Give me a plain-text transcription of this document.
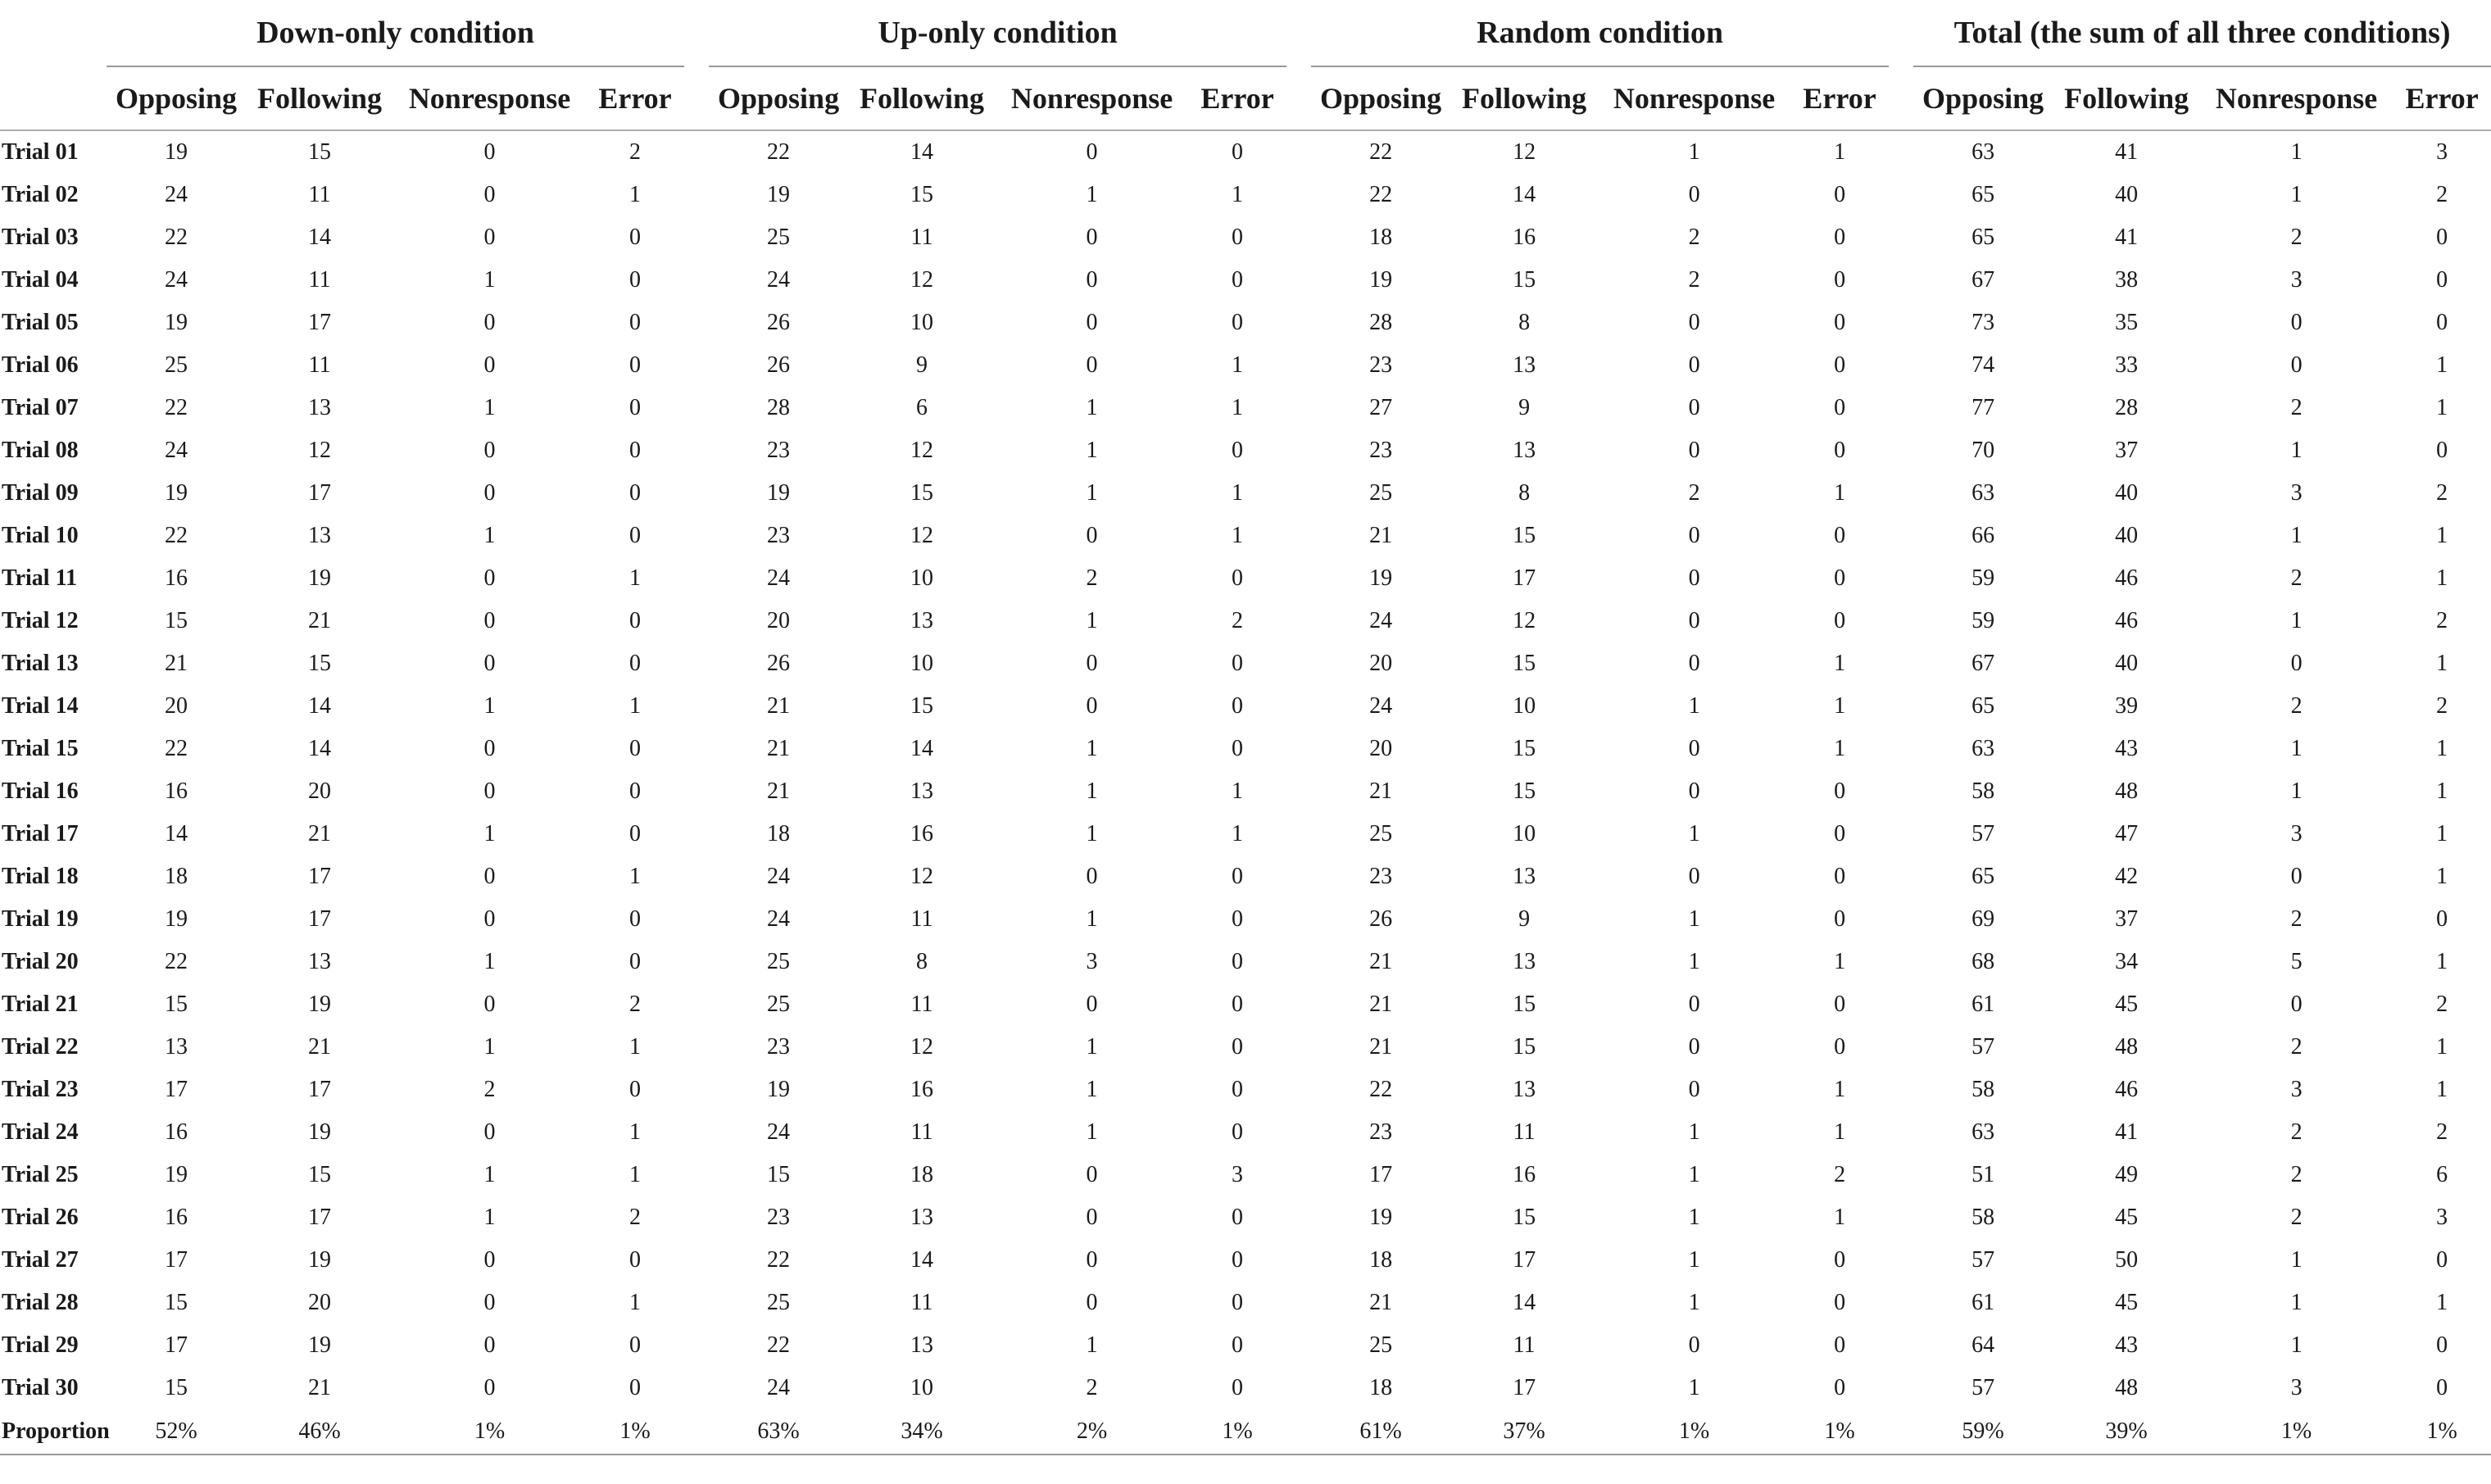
	Down-only condition					Up-only condition					Random condition					Total (the sum of all three conditions)			

	Opposing	Following	Nonresponse	Error		Opposing	Following	Nonresponse	Error		Opposing	Following	Nonresponse	Error		Opposing	Following	Nonresponse	Error

Trial 01	19	15	0	2		22	14	0	0		22	12	1	1		63	41	1	3
Trial 02	24	11	0	1		19	15	1	1		22	14	0	0		65	40	1	2
Trial 03	22	14	0	0		25	11	0	0		18	16	2	0		65	41	2	0
Trial 04	24	11	1	0		24	12	0	0		19	15	2	0		67	38	3	0
Trial 05	19	17	0	0		26	10	0	0		28	8	0	0		73	35	0	0
Trial 06	25	11	0	0		26	9	0	1		23	13	0	0		74	33	0	1
Trial 07	22	13	1	0		28	6	1	1		27	9	0	0		77	28	2	1
Trial 08	24	12	0	0		23	12	1	0		23	13	0	0		70	37	1	0
Trial 09	19	17	0	0		19	15	1	1		25	8	2	1		63	40	3	2
Trial 10	22	13	1	0		23	12	0	1		21	15	0	0		66	40	1	1
Trial 11	16	19	0	1		24	10	2	0		19	17	0	0		59	46	2	1
Trial 12	15	21	0	0		20	13	1	2		24	12	0	0		59	46	1	2
Trial 13	21	15	0	0		26	10	0	0		20	15	0	1		67	40	0	1
Trial 14	20	14	1	1		21	15	0	0		24	10	1	1		65	39	2	2
Trial 15	22	14	0	0		21	14	1	0		20	15	0	1		63	43	1	1
Trial 16	16	20	0	0		21	13	1	1		21	15	0	0		58	48	1	1
Trial 17	14	21	1	0		18	16	1	1		25	10	1	0		57	47	3	1
Trial 18	18	17	0	1		24	12	0	0		23	13	0	0		65	42	0	1
Trial 19	19	17	0	0		24	11	1	0		26	9	1	0		69	37	2	0
Trial 20	22	13	1	0		25	8	3	0		21	13	1	1		68	34	5	1
Trial 21	15	19	0	2		25	11	0	0		21	15	0	0		61	45	0	2
Trial 22	13	21	1	1		23	12	1	0		21	15	0	0		57	48	2	1
Trial 23	17	17	2	0		19	16	1	0		22	13	0	1		58	46	3	1
Trial 24	16	19	0	1		24	11	1	0		23	11	1	1		63	41	2	2
Trial 25	19	15	1	1		15	18	0	3		17	16	1	2		51	49	2	6
Trial 26	16	17	1	2		23	13	0	0		19	15	1	1		58	45	2	3
Trial 27	17	19	0	0		22	14	0	0		18	17	1	0		57	50	1	0
Trial 28	15	20	0	1		25	11	0	0		21	14	1	0		61	45	1	1
Trial 29	17	19	0	0		22	13	1	0		25	11	0	0		64	43	1	0
Trial 30	15	21	0	0		24	10	2	0		18	17	1	0		57	48	3	0
Proportion	52%	46%	1%	1%		63%	34%	2%	1%		61%	37%	1%	1%		59%	39%	1%	1%
